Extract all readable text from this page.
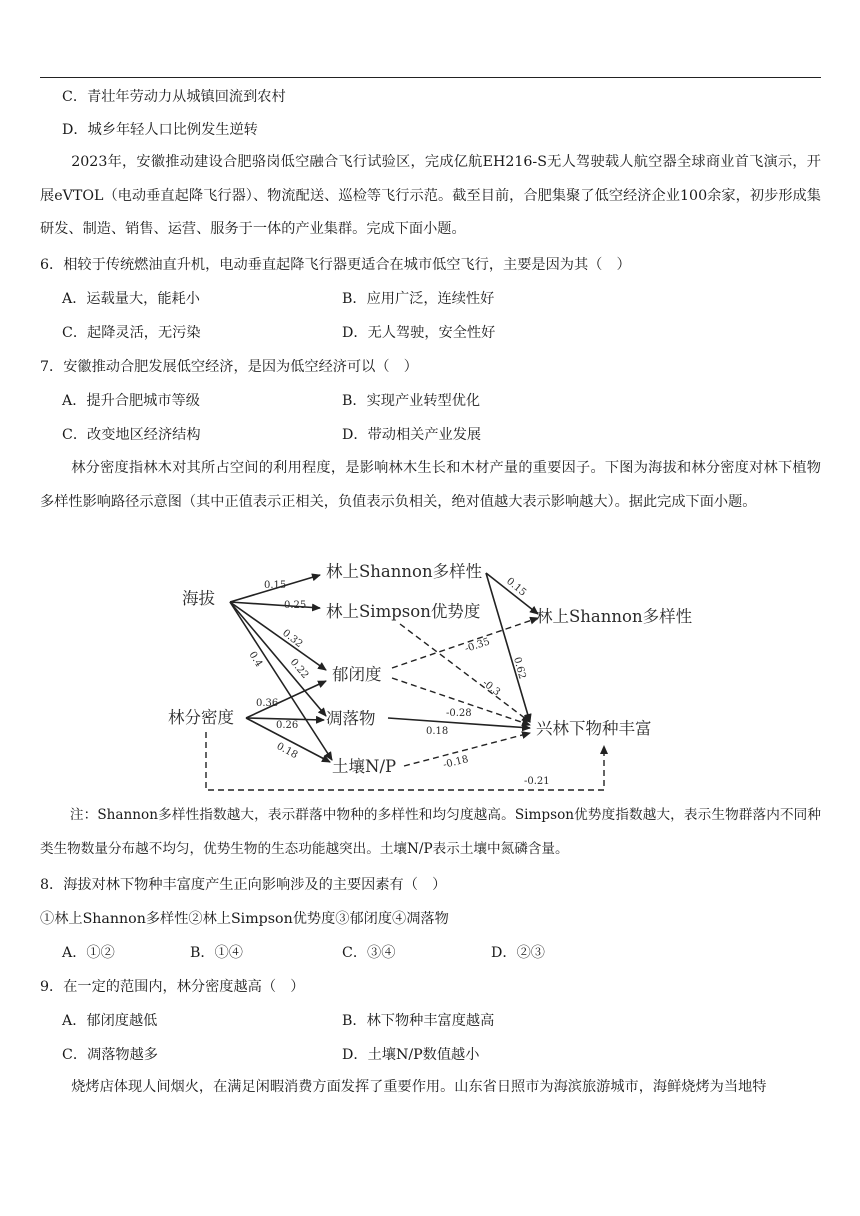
C．青壮年劳动力从城镇回流到农村
D．城乡年轻人口比例发生逆转
2023年，安徽推动建设合肥骆岗低空融合飞行试验区，完成亿航EH216-S无人驾驶载人航空器全球商业首飞演示，开展eVTOL（电动垂直起降飞行器）、物流配送、巡检等飞行示范。截至目前，合肥集聚了低空经济企业100余家，初步形成集研发、制造、销售、运营、服务于一体的产业集群。完成下面小题。
6．相较于传统燃油直升机，电动垂直起降飞行器更适合在城市低空飞行，主要是因为其（　）
A．运载量大，能耗小	B．应用广泛，连续性好
C．起降灵活，无污染	D．无人驾驶，安全性好
7．安徽推动合肥发展低空经济，是因为低空经济可以（　）
A．提升合肥城市等级	B．实现产业转型优化
C．改变地区经济结构	D．带动相关产业发展
林分密度指林木对其所占空间的利用程度，是影响林木生长和木材产量的重要因子。下图为海拔和林分密度对林下植物多样性影响路径示意图（其中正值表示正相关，负值表示负相关，绝对值越大表示影响越大）。据此完成下面小题。
海拔
林分密度
林上Shannon多样性
林上Simpson优势度
郁闭度
凋落物
土壤N/P
林上Shannon多样性
兴林下物种丰富
0.15
0.25
0.32
0.22
0.4
0.36
0.26
0.18
0.15
0.62
-0.35
-0.3
-0.28
0.18
-0.18
-0.21
注：Shannon多样性指数越大，表示群落中物种的多样性和均匀度越高。Simpson优势度指数越大，表示生物群落内不同种类生物数量分布越不均匀，优势生物的生态功能越突出。土壤N/P表示土壤中氮磷含量。
8．海拔对林下物种丰富度产生正向影响涉及的主要因素有（　）
①林上Shannon多样性②林上Simpson优势度③郁闭度④凋落物
A．①②	B．①④	C．③④	D．②③
9．在一定的范围内，林分密度越高（　）
A．郁闭度越低	B．林下物种丰富度越高
C．凋落物越多	D．土壤N/P数值越小
烧烤店体现人间烟火，在满足闲暇消费方面发挥了重要作用。山东省日照市为海滨旅游城市，海鲜烧烤为当地特
